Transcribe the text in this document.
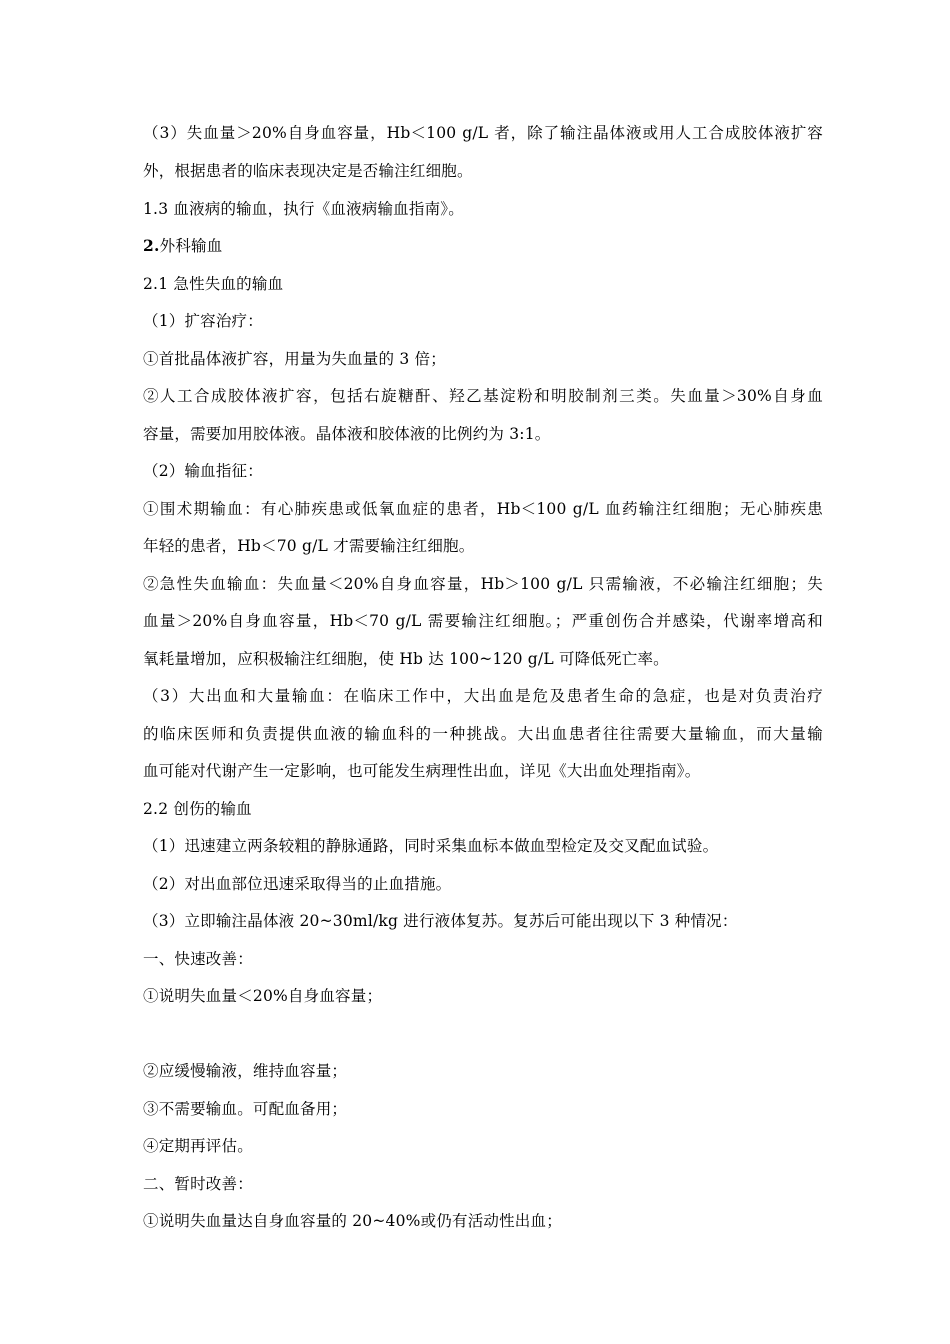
（3）失血量＞20%自身血容量，Hb＜100 g/L 者，除了输注晶体液或用人工合成胶体液扩容
外，根据患者的临床表现决定是否输注红细胞。
1.3 血液病的输血，执行《血液病输血指南》。
2.外科输血
2.1 急性失血的输血
（1）扩容治疗：
①首批晶体液扩容，用量为失血量的 3 倍；
②人工合成胶体液扩容，包括右旋糖酐、羟乙基淀粉和明胶制剂三类。失血量＞30%自身血
容量，需要加用胶体液。晶体液和胶体液的比例约为 3:1。
（2）输血指征：
①围术期输血：有心肺疾患或低氧血症的患者，Hb＜100 g/L 血药输注红细胞；无心肺疾患
年轻的患者，Hb＜70 g/L 才需要输注红细胞。
②急性失血输血：失血量＜20%自身血容量，Hb＞100 g/L 只需输液，不必输注红细胞；失
血量＞20%自身血容量，Hb＜70 g/L 需要输注红细胞。；严重创伤合并感染，代谢率增高和
氧耗量增加，应积极输注红细胞，使 Hb 达 100~120 g/L 可降低死亡率。
（3）大出血和大量输血：在临床工作中，大出血是危及患者生命的急症，也是对负责治疗
的临床医师和负责提供血液的输血科的一种挑战。大出血患者往往需要大量输血，而大量输
血可能对代谢产生一定影响，也可能发生病理性出血，详见《大出血处理指南》。
2.2 创伤的输血
（1）迅速建立两条较粗的静脉通路，同时采集血标本做血型检定及交叉配血试验。
（2）对出血部位迅速采取得当的止血措施。
（3）立即输注晶体液 20~30ml/kg 进行液体复苏。复苏后可能出现以下 3 种情况：
一、快速改善：
①说明失血量＜20%自身血容量；
②应缓慢输液，维持血容量；
③不需要输血。可配血备用；
④定期再评估。
二、暂时改善：
①说明失血量达自身血容量的 20~40%或仍有活动性出血；
